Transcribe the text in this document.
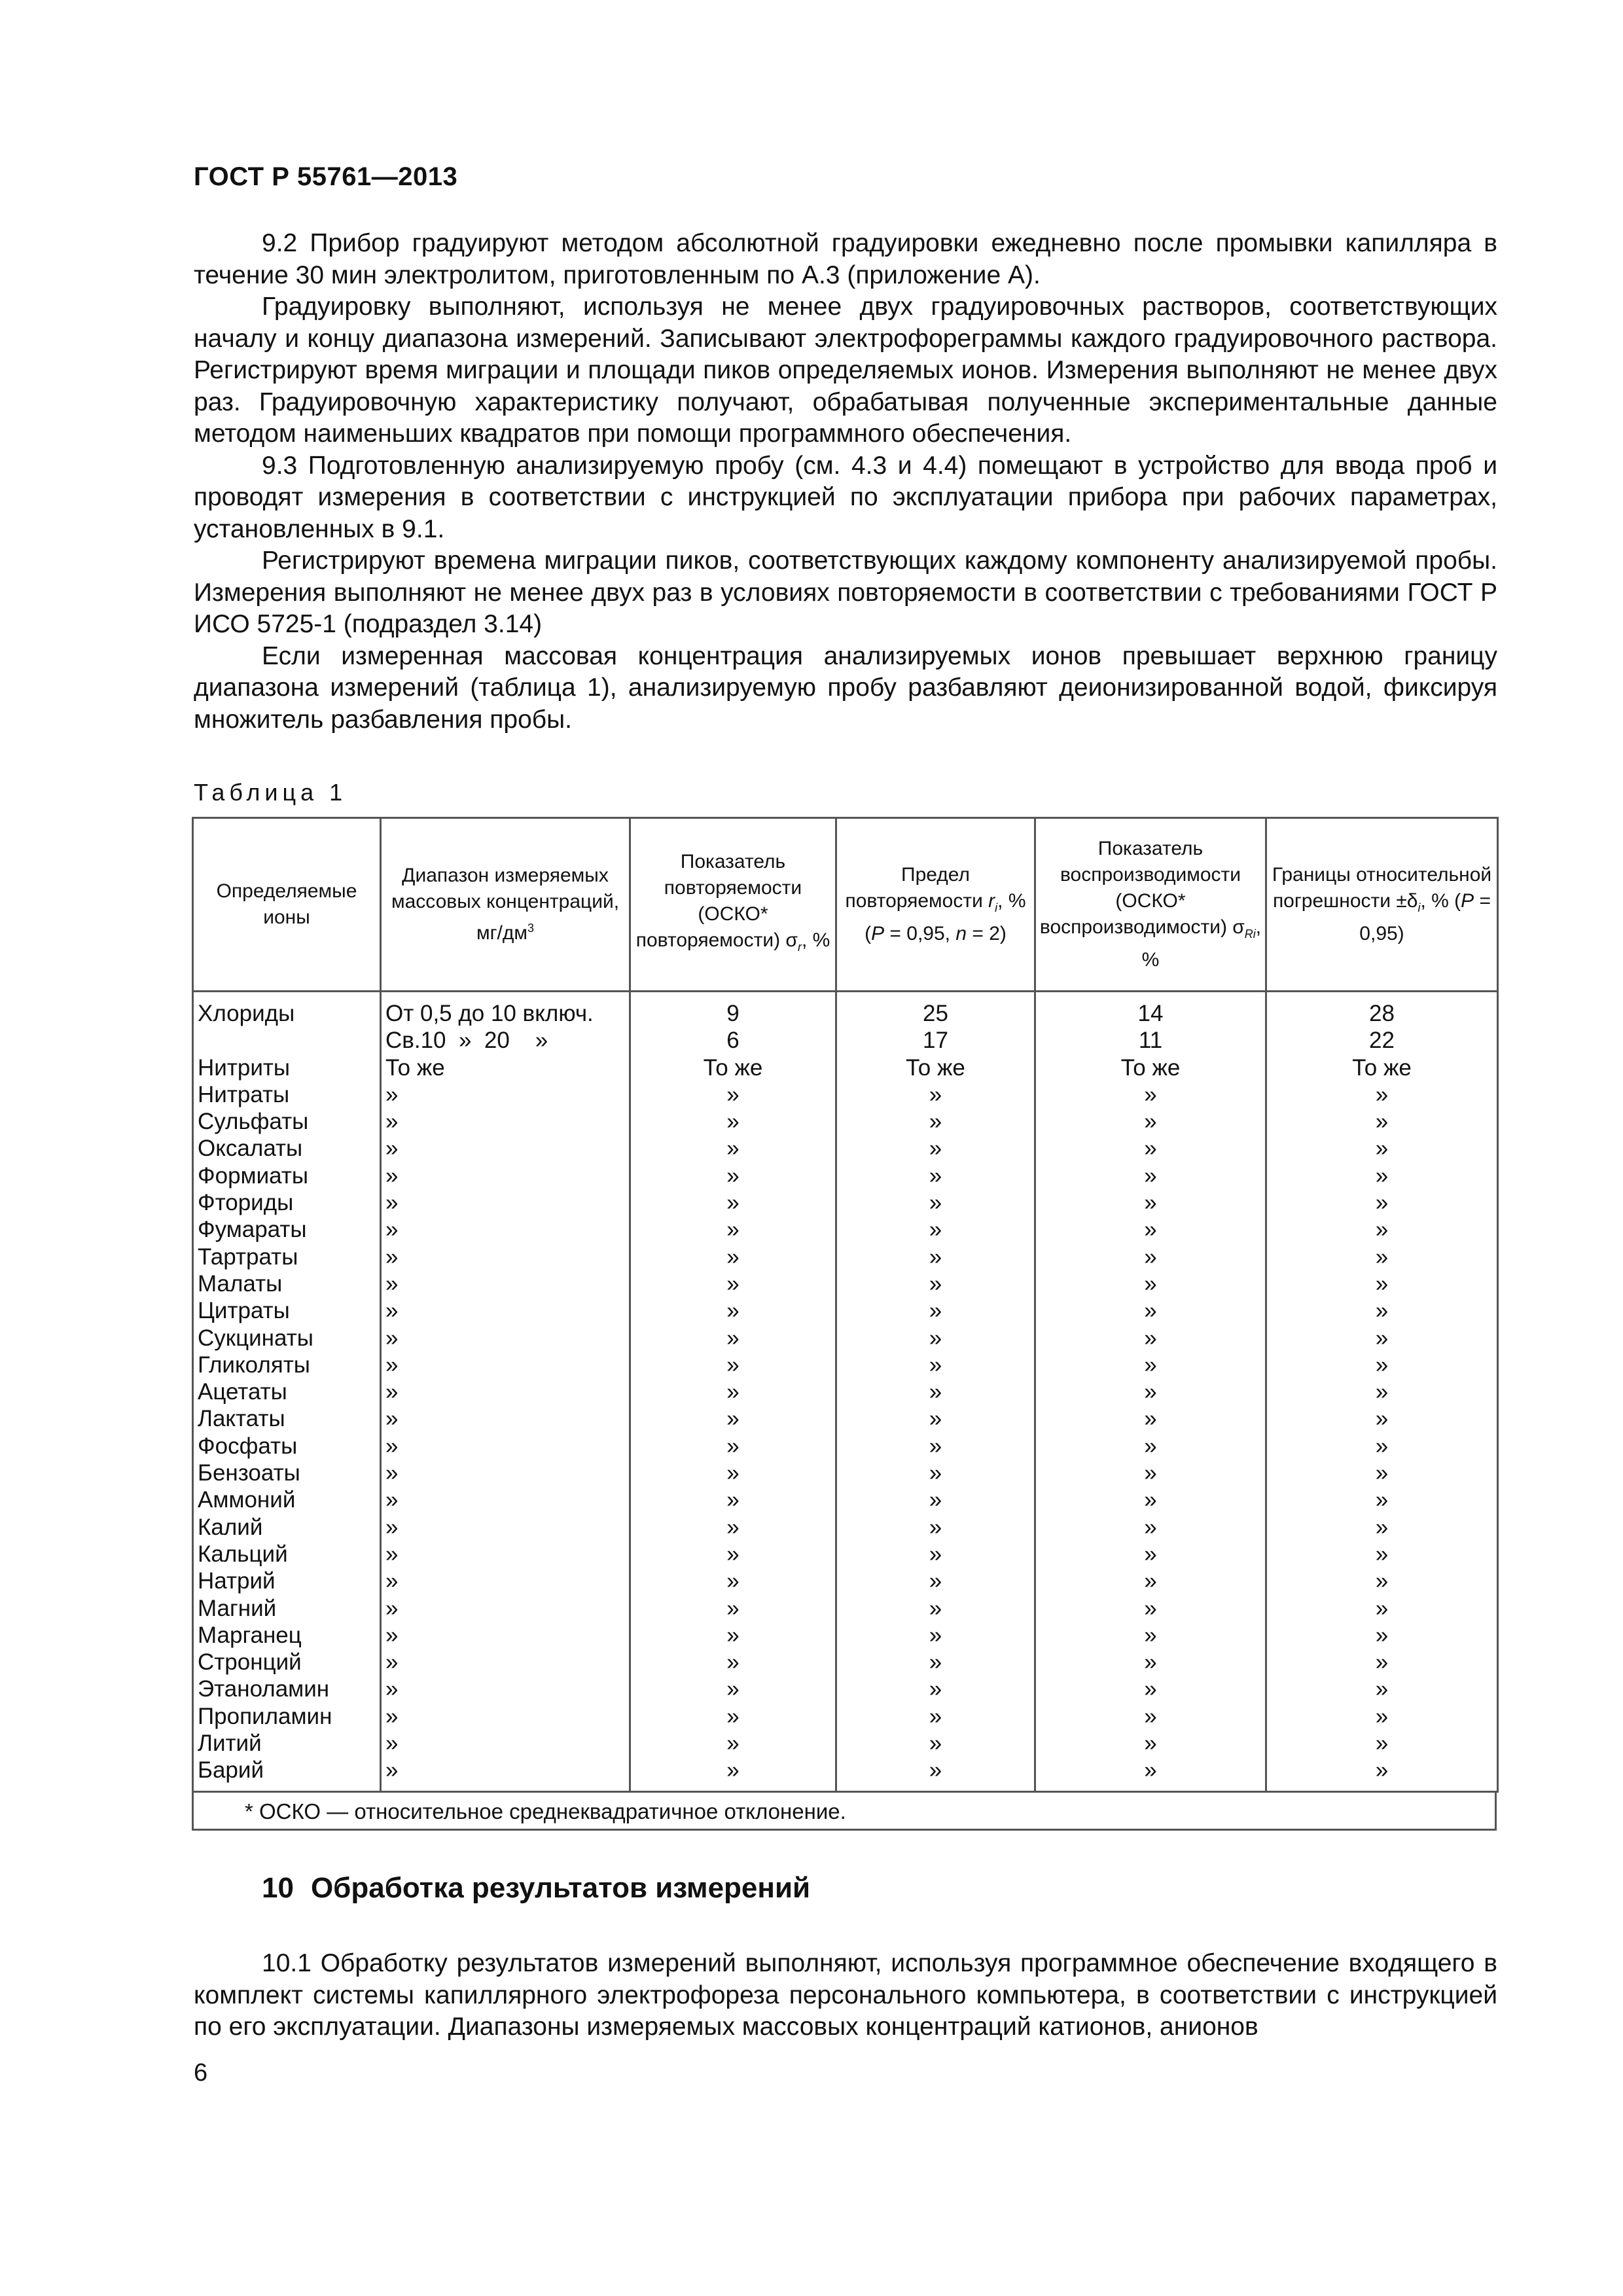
ГОСТ Р 55761—2013

9.2 Прибор градуируют методом абсолютной градуировки ежедневно после промывки капилляра в течение 30 мин электролитом, приготовленным по А.3 (приложение А).

Градуировку выполняют, используя не менее двух градуировочных растворов, соответствующих началу и концу диапазона измерений. Записывают электрофореграммы каждого градуировочного раствора. Регистрируют время миграции и площади пиков определяемых ионов. Измерения выполняют не менее двух раз. Градуировочную характеристику получают, обрабатывая полученные экспериментальные данные методом наименьших квадратов при помощи программного обеспечения.

9.3 Подготовленную анализируемую пробу (см. 4.3 и 4.4) помещают в устройство для ввода проб и проводят измерения в соответствии с инструкцией по эксплуатации прибора при рабочих параметрах, установленных в 9.1.

Регистрируют времена миграции пиков, соответствующих каждому компоненту анализируемой пробы. Измерения выполняют не менее двух раз в условиях повторяемости в соответствии с требованиями ГОСТ Р ИСО 5725-1 (подраздел 3.14)

Если измеренная массовая концентрация анализируемых ионов превышает верхнюю границу диапазона измерений (таблица 1), анализируемую пробу разбавляют деионизированной водой, фиксируя множитель разбавления пробы.

Таблица 1
Определяемые ионы	Диапазон измеряемых массовых концентраций, $мг/дм^3$	Показатель повторяемости (ОСКО* повторяемости) $\sigma_r$, %	Предел повторяемости $r_i$, % (P = 0,95, n = 2)	Показатель воспроизводимости (ОСКО* воспроизводимости) $\sigma_{Ri}$, %	Границы относительной погрешности $\pm\delta_i$, % (P = 0,95)
Хлориды	От 0,5 до 10 включ.	9	25	14	28
	Св.10  »  20    »	6	17	11	22
Нитриты	То же	То же	То же	То же	То же
Нитраты	»	»	»	»	»
Сульфаты	»	»	»	»	»
Оксалаты	»	»	»	»	»
Формиаты	»	»	»	»	»
Фториды	»	»	»	»	»
Фумараты	»	»	»	»	»
Тартраты	»	»	»	»	»
Малаты	»	»	»	»	»
Цитраты	»	»	»	»	»
Сукцинаты	»	»	»	»	»
Гликоляты	»	»	»	»	»
Ацетаты	»	»	»	»	»
Лактаты	»	»	»	»	»
Фосфаты	»	»	»	»	»
Бензоаты	»	»	»	»	»
Аммоний	»	»	»	»	»
Калий	»	»	»	»	»
Кальций	»	»	»	»	»
Натрий	»	»	»	»	»
Магний	»	»	»	»	»
Марганец	»	»	»	»	»
Стронций	»	»	»	»	»
Этаноламин	»	»	»	»	»
Пропиламин	»	»	»	»	»
Литий	»	»	»	»	»
Барий	»	»	»	»	»
* ОСКО — относительное среднеквадратичное отклонение.
10 Обработка результатов измерений

10.1 Обработку результатов измерений выполняют, используя программное обеспечение входящего в комплект системы капиллярного электрофореза персонального компьютера, в соответствии с инструкцией по его эксплуатации. Диапазоны измеряемых массовых концентраций катионов, анионов

6
